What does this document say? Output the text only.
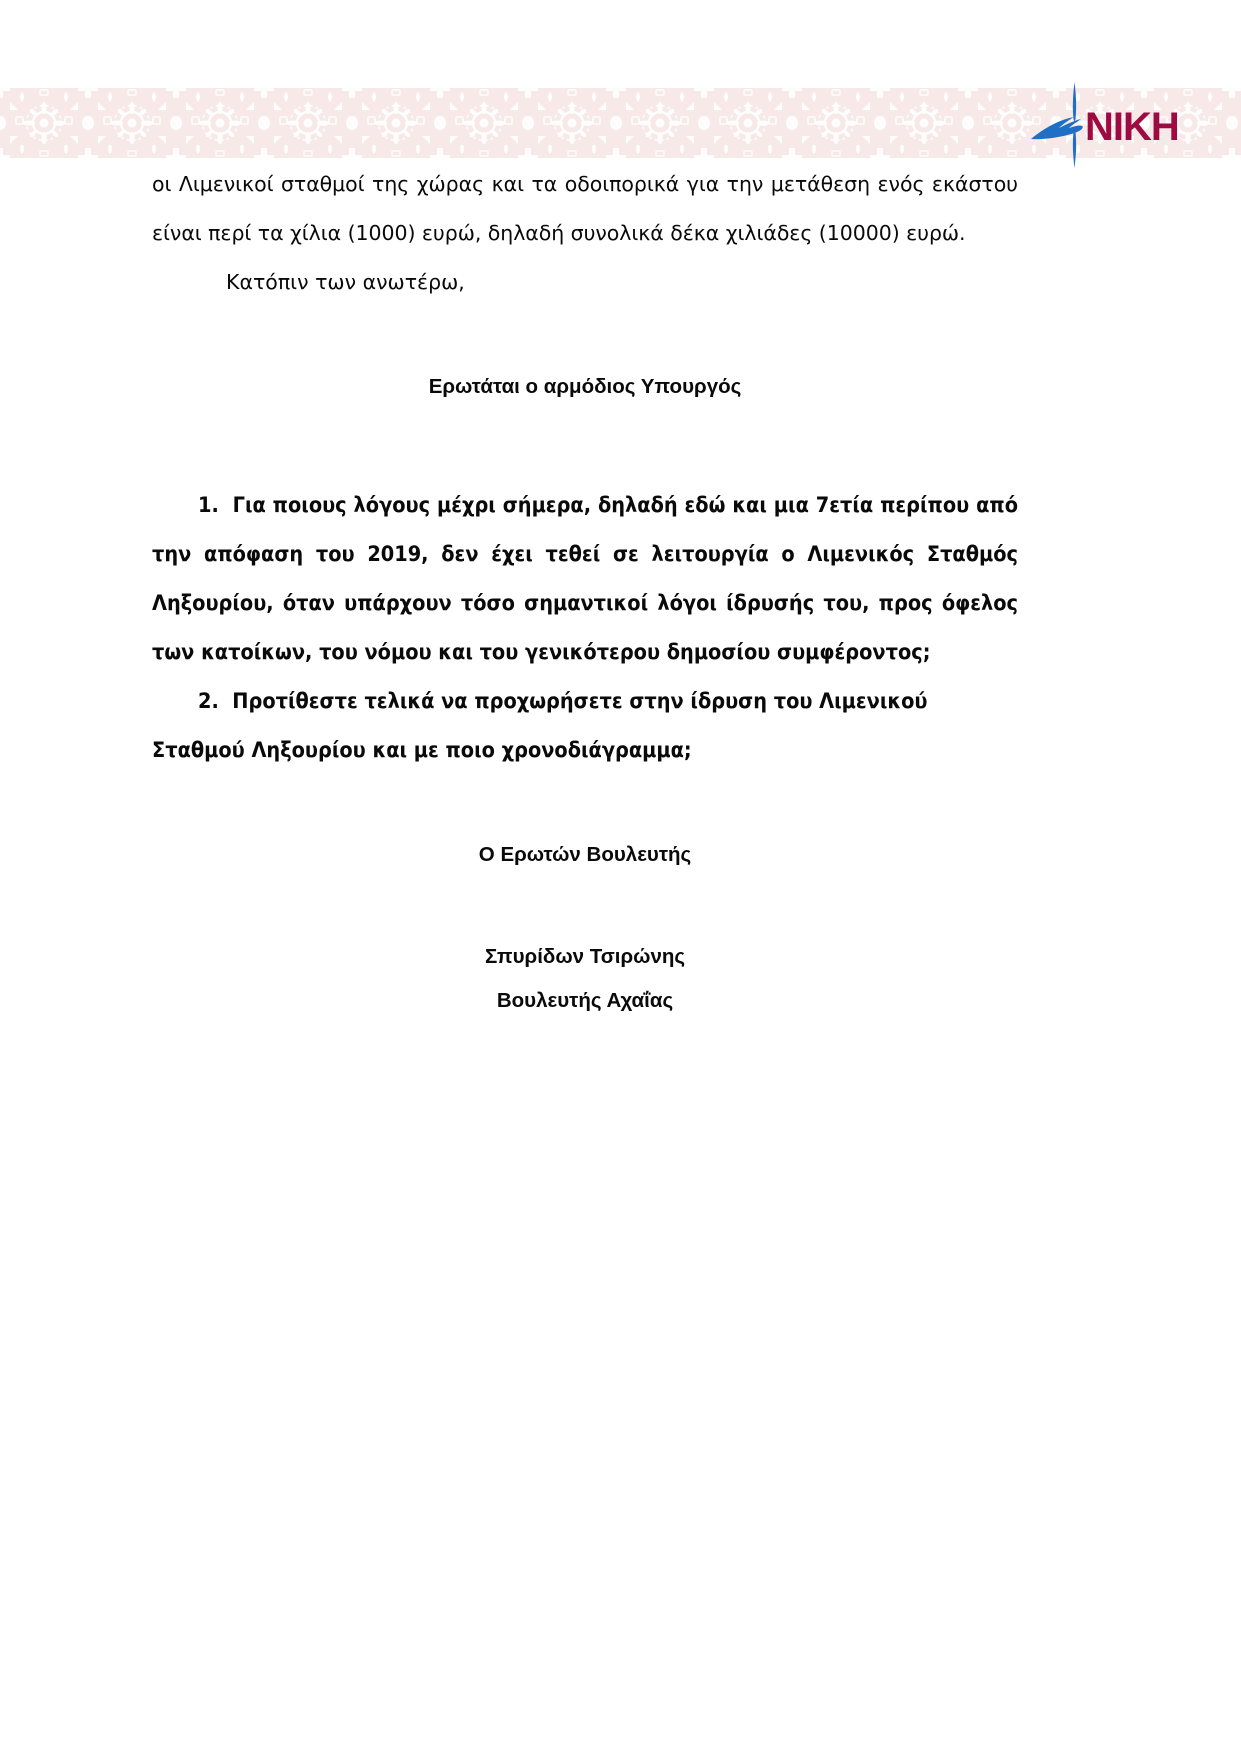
ΝΙΚΗ

οι Λιμενικοί σταθμοί της χώρας και τα οδοιπορικά για την μετάθεση ενός εκάστου είναι περί τα χίλια (1000) ευρώ, δηλαδή συνολικά δέκα χιλιάδες (10000) ευρώ.

Κατόπιν των ανωτέρω,

Ερωτάται ο αρμόδιος Υπουργός

1. Για ποιους λόγους μέχρι σήμερα, δηλαδή εδώ και μια 7ετία περίπου από την απόφαση του 2019, δεν έχει τεθεί σε λειτουργία ο Λιμενικός Σταθμός Ληξουρίου, όταν υπάρχουν τόσο σημαντικοί λόγοι ίδρυσής του, προς όφελος των κατοίκων, του νόμου και του γενικότερου δημοσίου συμφέροντος;

2. Προτίθεστε τελικά να προχωρήσετε στην ίδρυση του Λιμενικού Σταθμού Ληξουρίου και με ποιο χρονοδιάγραμμα;

Ο Ερωτών Βουλευτής

Σπυρίδων Τσιρώνης

Βουλευτής Αχαΐας
